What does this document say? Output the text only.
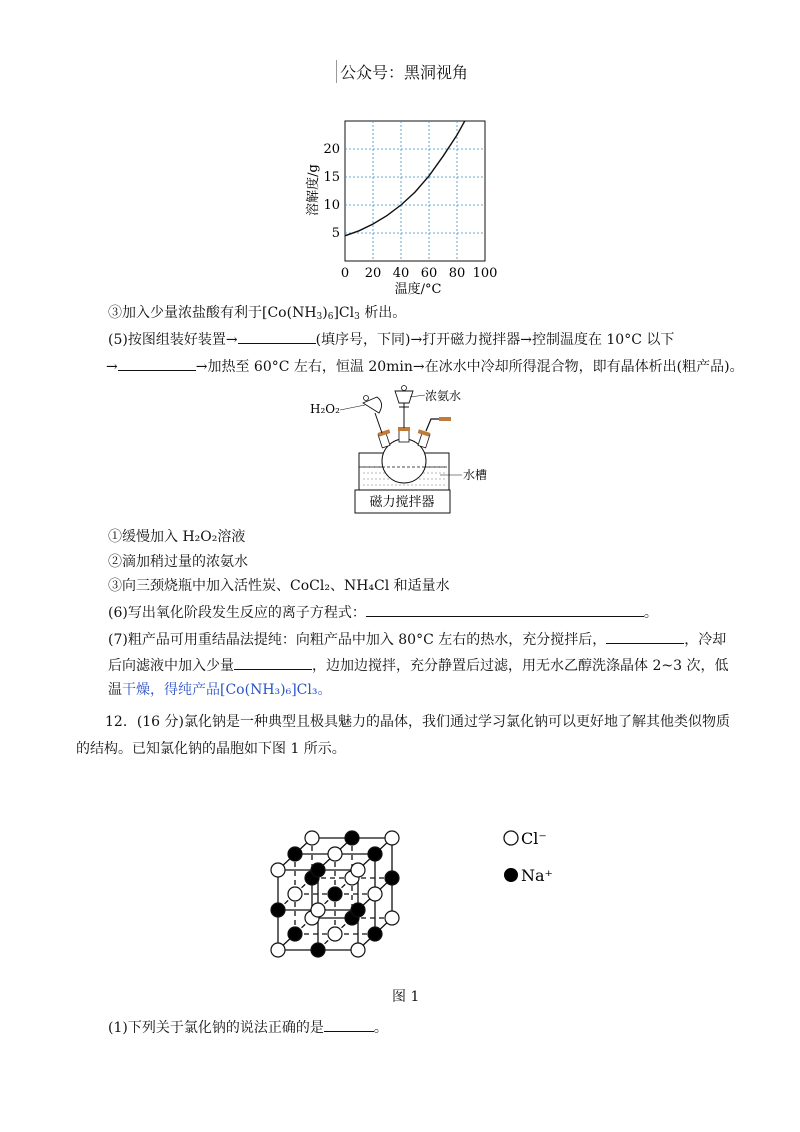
公众号：黑洞视角
0 20 40 60 80 100
5
10
15
20
温度/°C
溶解度/g
③加入少量浓盐酸有利于$[Co(NH_3)_6]Cl_3$ 析出。
(5)按图组装好装置→	(填序号，下同)→打开磁力搅拌器→控制温度在 10°C 以下
→	→加热至 60°C 左右，恒温 20min→在冰水中冷却所得混合物，即有晶体析出(粗产品)。
磁力搅拌器
H₂O₂
浓氨水
水槽
①缓慢加入 H₂O₂溶液
②滴加稍过量的浓氨水
③向三颈烧瓶中加入活性炭、CoCl₂、NH₄Cl 和适量水
(6)写出氧化阶段发生反应的离子方程式：	。
(7)粗产品可用重结晶法提纯：向粗产品中加入 80°C 左右的热水，充分搅拌后，	，冷却
后向滤液中加入少量	，边加边搅拌，充分静置后过滤，用无水乙醇洗涤晶体 2~3 次，低
温干燥，得纯产品[Co(NH₃)₆]Cl₃。
12．(16 分)氯化钠是一种典型且极具魅力的晶体，我们通过学习氯化钠可以更好地了解其他类似物质
的结构。已知氯化钠的晶胞如下图 1 所示。
Cl⁻
Na⁺
图 1
(1)下列关于氯化钠的说法正确的是	。
